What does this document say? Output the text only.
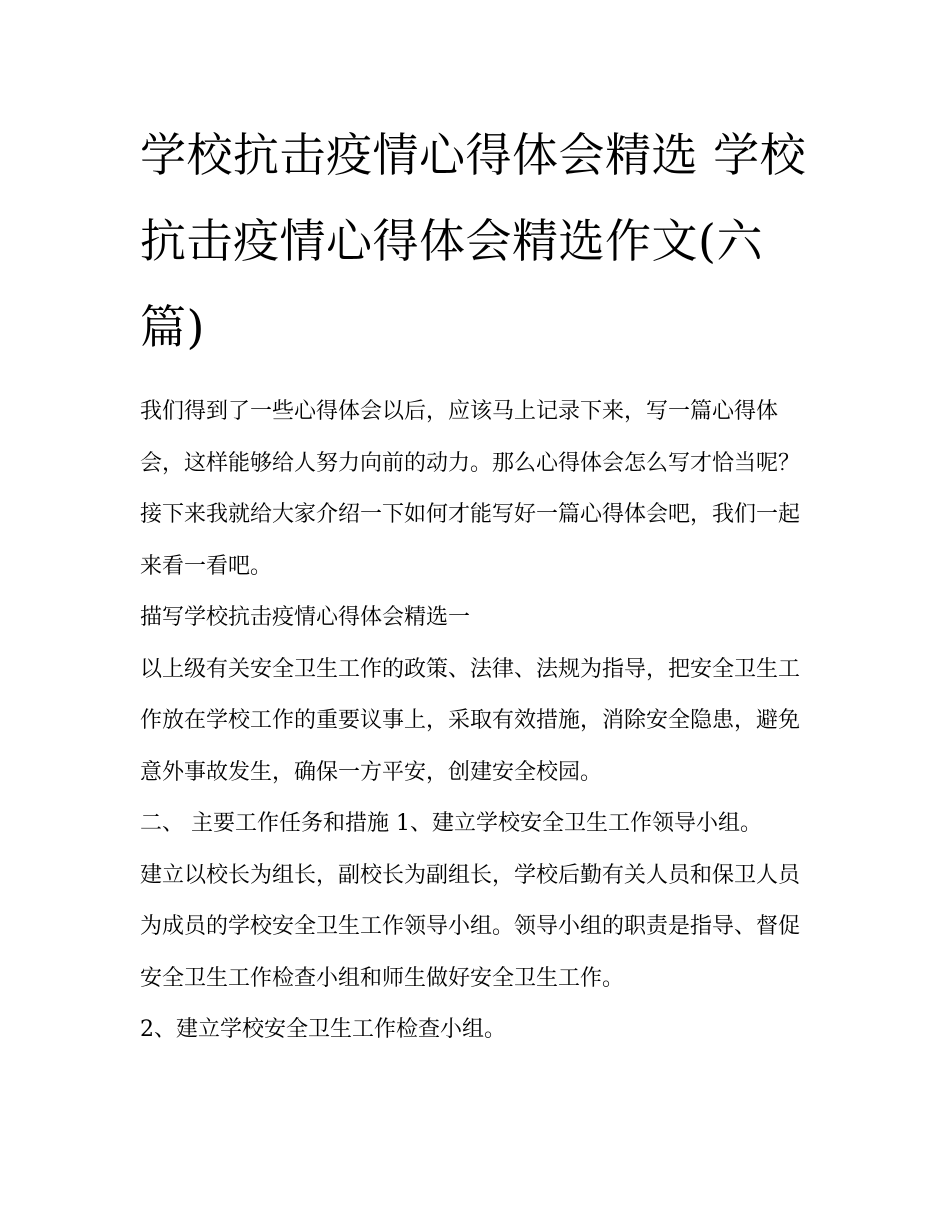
学校抗击疫情心得体会精选 学校抗击疫情心得体会精选作文(六篇)

我们得到了一些心得体会以后，应该马上记录下来，写一篇心得体会，这样能够给人努力向前的动力。那么心得体会怎么写才恰当呢？接下来我就给大家介绍一下如何才能写好一篇心得体会吧，我们一起来看一看吧。

描写学校抗击疫情心得体会精选一

以上级有关安全卫生工作的政策、法律、法规为指导，把安全卫生工作放在学校工作的重要议事上，采取有效措施，消除安全隐患，避免意外事故发生，确保一方平安，创建安全校园。

二、 主要工作任务和措施 1、建立学校安全卫生工作领导小组。

建立以校长为组长，副校长为副组长，学校后勤有关人员和保卫人员为成员的学校安全卫生工作领导小组。领导小组的职责是指导、督促安全卫生工作检查小组和师生做好安全卫生工作。

2、建立学校安全卫生工作检查小组。
